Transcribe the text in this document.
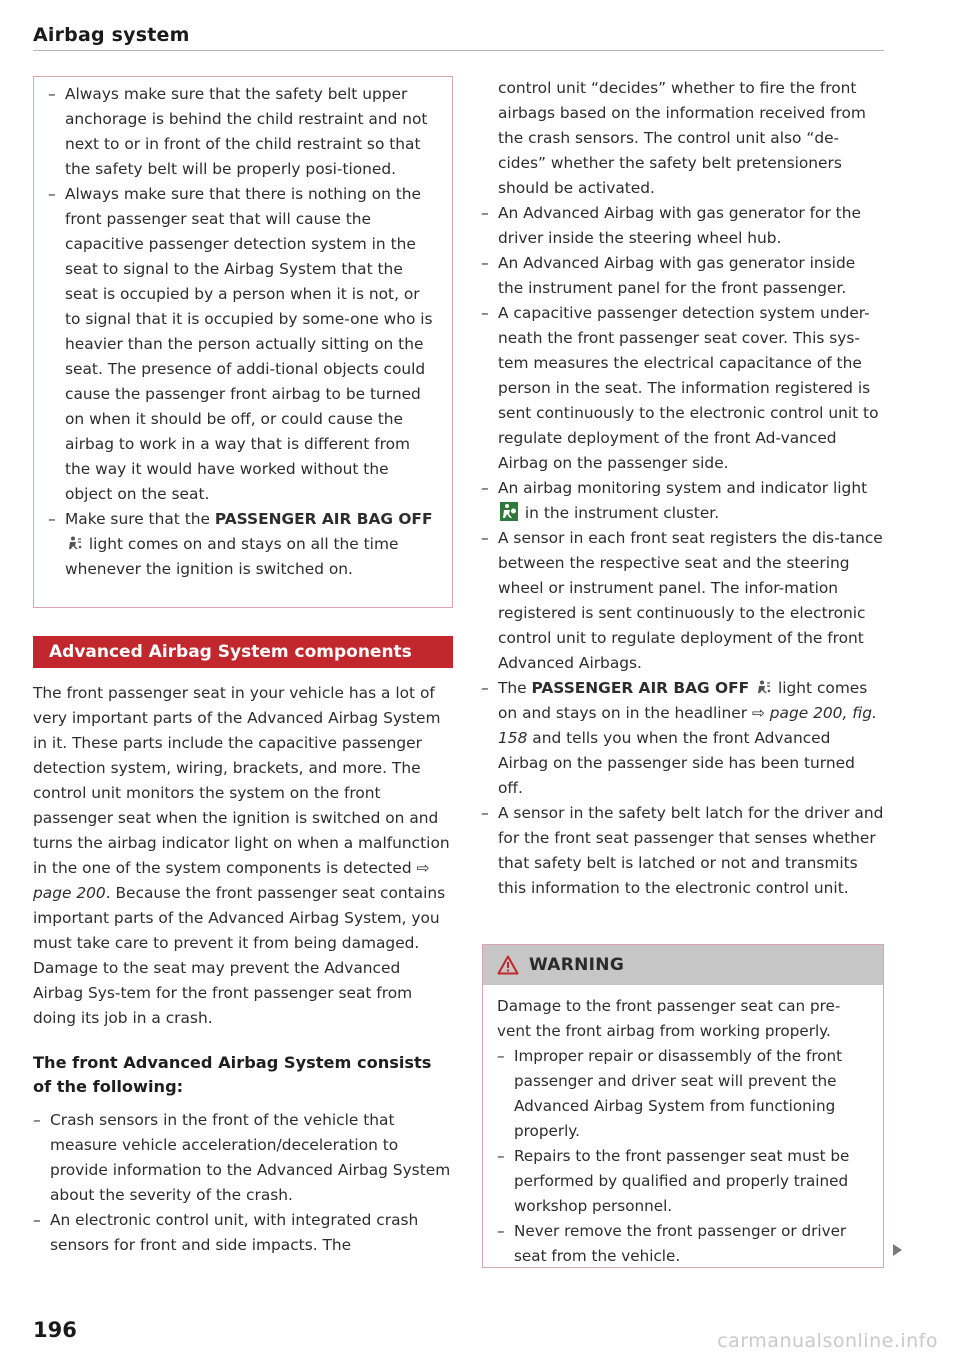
Airbag system
– Always make sure that the safety belt upper anchorage is behind the child restraint and not next to or in front of the child restraint so that the safety belt will be properly posi-tioned.
– Always make sure that there is nothing on the front passenger seat that will cause the capacitive passenger detection system in the seat to signal to the Airbag System that the seat is occupied by a person when it is not, or to signal that it is occupied by some-one who is heavier than the person actually sitting on the seat. The presence of addi-tional objects could cause the passenger front airbag to be turned on when it should be off, or could cause the airbag to work in a way that is different from the way it would have worked without the object on the seat.
– Make sure that the PASSENGER AIR BAG OFF  light comes on and stays on all the time whenever the ignition is switched on.
Advanced Airbag System components

The front passenger seat in your vehicle has a lot of very important parts of the Advanced Airbag System in it. These parts include the capacitive passenger detection system, wiring, brackets, and more. The control unit monitors the system on the front passenger seat when the ignition is switched on and turns the airbag indicator light on when a malfunction in the one of the system components is detected ⇨ page 200. Because the front passenger seat contains important parts of the Advanced Airbag System, you must take care to prevent it from being damaged. Damage to the seat may prevent the Advanced Airbag Sys-tem for the front passenger seat from doing its job in a crash.

The front Advanced Airbag System consists of the following:

– Crash sensors in the front of the vehicle that measure vehicle acceleration/deceleration to provide information to the Advanced Airbag System about the severity of the crash.
– An electronic control unit, with integrated crash sensors for front and side impacts. The

control unit “decides” whether to fire the front airbags based on the information received from the crash sensors. The control unit also “de-cides” whether the safety belt pretensioners should be activated.

– An Advanced Airbag with gas generator for the driver inside the steering wheel hub.
– An Advanced Airbag with gas generator inside the instrument panel for the front passenger.
– A capacitive passenger detection system under-neath the front passenger seat cover. This sys-tem measures the electrical capacitance of the person in the seat. The information registered is sent continuously to the electronic control unit to regulate deployment of the front Ad-vanced Airbag on the passenger side.
– An airbag monitoring system and indicator light
in the instrument cluster.
– A sensor in each front seat registers the dis-tance between the respective seat and the steering wheel or instrument panel. The infor-mation registered is sent continuously to the electronic control unit to regulate deployment of the front Advanced Airbags.
– The PASSENGER AIR BAG OFF  light comes on and stays on in the headliner ⇨ page 200, fig. 158 and tells you when the front Advanced Airbag on the passenger side has been turned off.
– A sensor in the safety belt latch for the driver and for the front seat passenger that senses whether that safety belt is latched or not and transmits this information to the electronic control unit.
WARNING

Damage to the front passenger seat can pre-vent the front airbag from working properly.

– Improper repair or disassembly of the front passenger and driver seat will prevent the Advanced Airbag System from functioning properly.
– Repairs to the front passenger seat must be performed by qualified and properly trained workshop personnel.
– Never remove the front passenger or driver seat from the vehicle.
196	carmanualsonline.info
